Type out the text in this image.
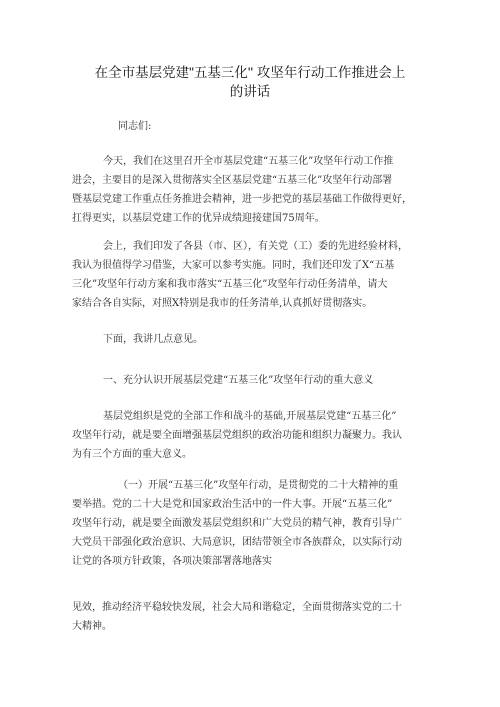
在全市基层党建"五基三化'' 攻坚年行动工作推进会上
的讲话
同志们:
今天，我们在这里召开全市基层党建“五基三化”攻坚年行动工作推
进会，主要目的是深入贯彻落实全区基层党建“五基三化”攻坚年行动部署
暨基层党建工作重点任务推进会精神，进一步把党的基层基础工作做得更好，
扛得更实，以基层党建工作的优异成绩迎接建国75周年。
会上，我们印发了各县（市、区），有关党（工）委的先进经验材料，
我认为很值得学习借鉴，大家可以参考实施。同时，我们还印发了X“五基
三化”攻坚年行动方案和我市落实“五基三化”攻坚年行动任务清单，请大
家结合各自实际，对照X特别是我市的任务清单,认真抓好贯彻落实。
下面，我讲几点意见。
一、充分认识开展基层党建“五基三化”攻坚年行动的重大意义
基层党组织是党的全部工作和战斗的基础,开展基层党建“五基三化”
攻坚年行动，就是要全面增强基层党组织的政治功能和组织力凝聚力。我认
为有三个方面的重大意义。
（一）开展“五基三化”攻坚年行动，是贯彻党的二十大精神的重
要举措。党的二十大是党和国家政治生活中的一件大事。开展“五基三化”
攻坚年行动，就是要全面激发基层党组织和广大党员的精气神，教育引导广
大党员干部强化政治意识、大局意识，团结带领全市各族群众，以实际行动
让党的各项方针政策，各项决策部署落地落实
见效，推动经济平稳较快发展，社会大局和谐稳定，全面贯彻落实党的二十
大精神。
